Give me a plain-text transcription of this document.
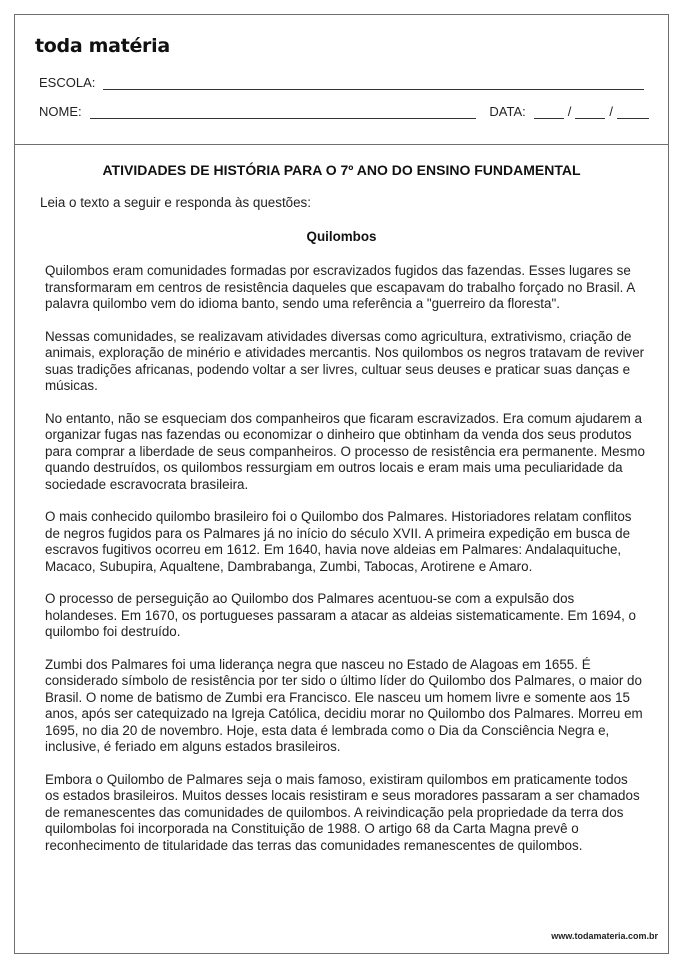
toda matéria
ESCOLA:
NOME:	DATA:	/	/
ATIVIDADES DE HISTÓRIA PARA O 7º ANO DO ENSINO FUNDAMENTAL
Leia o texto a seguir e responda às questões:
Quilombos

Quilombos eram comunidades formadas por escravizados fugidos das fazendas. Esses lugares se transformaram em centros de resistência daqueles que escapavam do trabalho forçado no Brasil. A palavra quilombo vem do idioma banto, sendo uma referência a "guerreiro da floresta".

Nessas comunidades, se realizavam atividades diversas como agricultura, extrativismo, criação de animais, exploração de minério e atividades mercantis. Nos quilombos os negros tratavam de reviver suas tradições africanas, podendo voltar a ser livres, cultuar seus deuses e praticar suas danças e músicas.

No entanto, não se esqueciam dos companheiros que ficaram escravizados. Era comum ajudarem a organizar fugas nas fazendas ou economizar o dinheiro que obtinham da venda dos seus produtos para comprar a liberdade de seus companheiros. O processo de resistência era permanente. Mesmo quando destruídos, os quilombos ressurgiam em outros locais e eram mais uma peculiaridade da sociedade escravocrata brasileira.

O mais conhecido quilombo brasileiro foi o Quilombo dos Palmares. Historiadores relatam conflitos de negros fugidos para os Palmares já no início do século XVII. A primeira expedição em busca de escravos fugitivos ocorreu em 1612. Em 1640, havia nove aldeias em Palmares: Andalaquituche, Macaco, Subupira, Aqualtene, Dambrabanga, Zumbi, Tabocas, Arotirene e Amaro.

O processo de perseguição ao Quilombo dos Palmares acentuou-se com a expulsão dos holandeses. Em 1670, os portugueses passaram a atacar as aldeias sistematicamente. Em 1694, o quilombo foi destruído.

Zumbi dos Palmares foi uma liderança negra que nasceu no Estado de Alagoas em 1655. É considerado símbolo de resistência por ter sido o último líder do Quilombo dos Palmares, o maior do Brasil. O nome de batismo de Zumbi era Francisco. Ele nasceu um homem livre e somente aos 15 anos, após ser catequizado na Igreja Católica, decidiu morar no Quilombo dos Palmares. Morreu em 1695, no dia 20 de novembro. Hoje, esta data é lembrada como o Dia da Consciência Negra e, inclusive, é feriado em alguns estados brasileiros.

Embora o Quilombo de Palmares seja o mais famoso, existiram quilombos em praticamente todos os estados brasileiros. Muitos desses locais resistiram e seus moradores passaram a ser chamados de remanescentes das comunidades de quilombos. A reivindicação pela propriedade da terra dos quilombolas foi incorporada na Constituição de 1988. O artigo 68 da Carta Magna prevê o reconhecimento de titularidade das terras das comunidades remanescentes de quilombos.

www.todamateria.com.br
